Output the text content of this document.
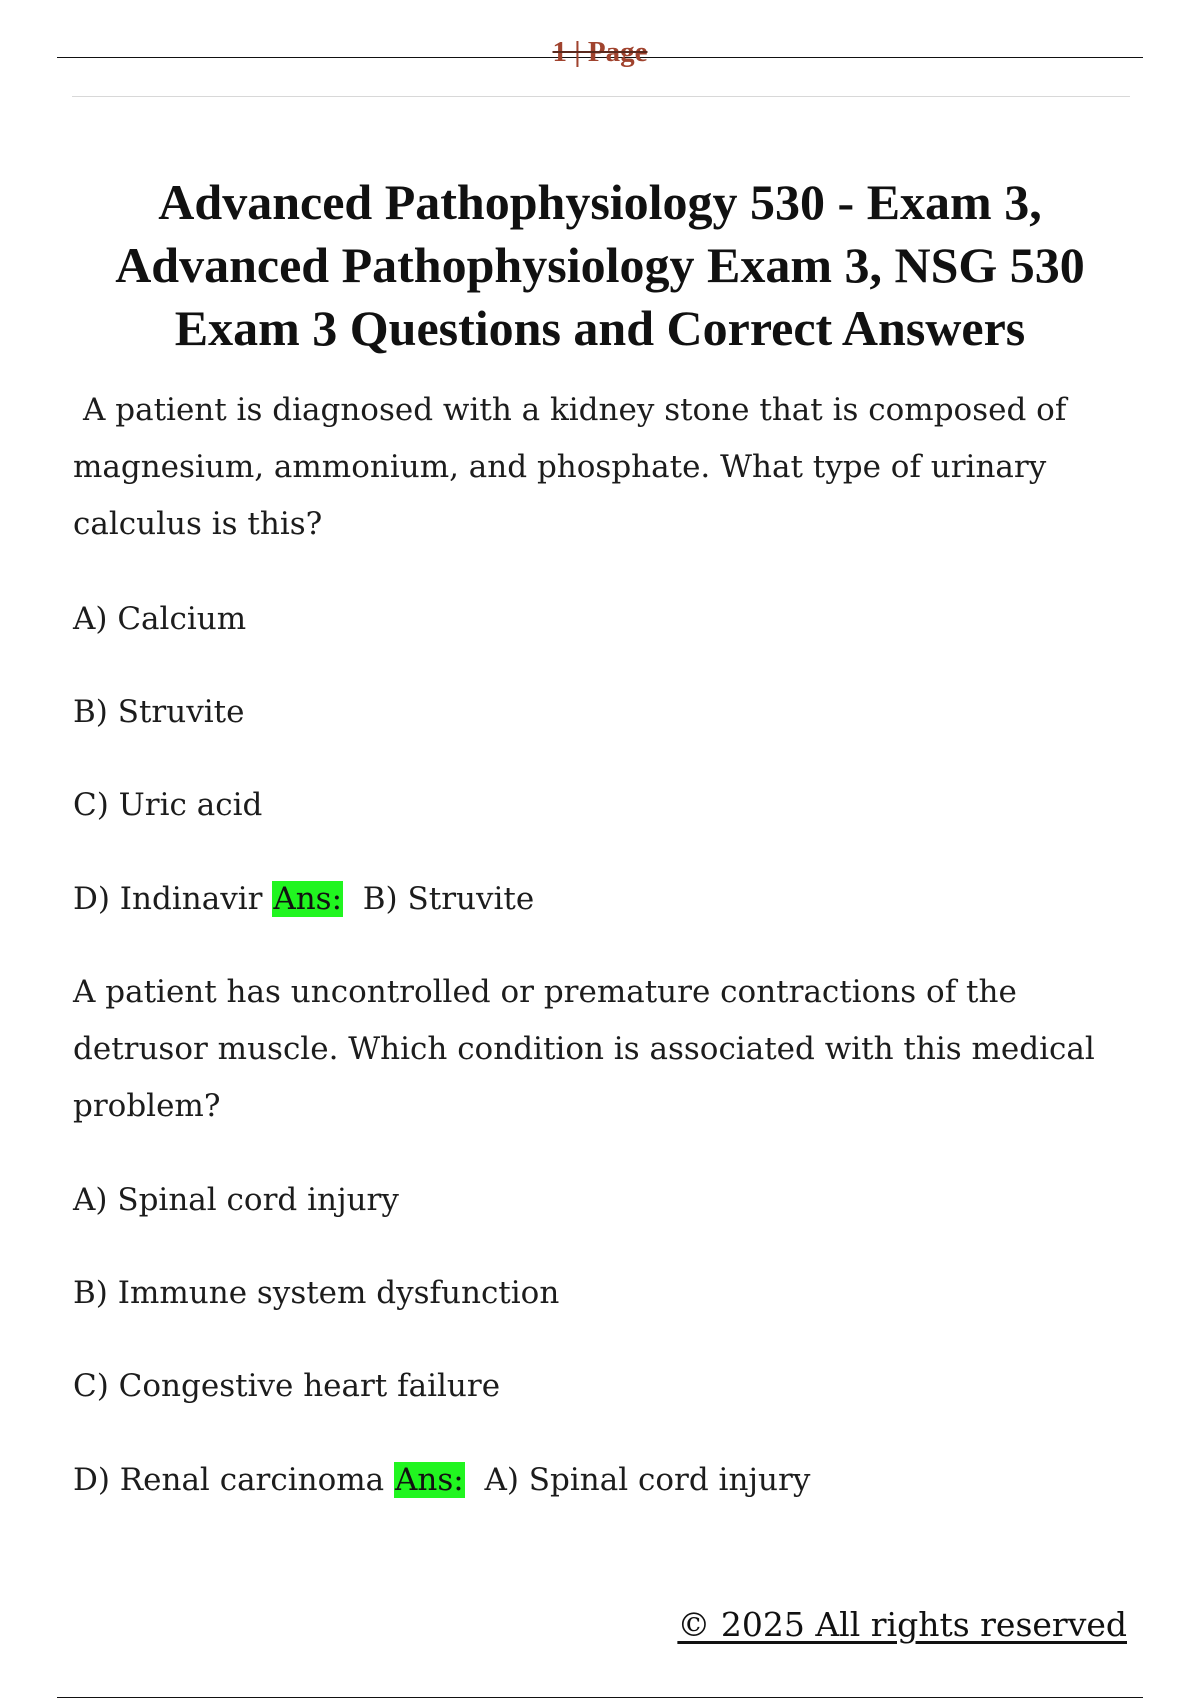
1 | Page

Advanced Pathophysiology 530 - Exam 3, Advanced Pathophysiology Exam 3, NSG 530 Exam 3 Questions and Correct Answers

A patient is diagnosed with a kidney stone that is composed of magnesium, ammonium, and phosphate. What type of urinary calculus is this?

A) Calcium

B) Struvite

C) Uric acid

D) Indinavir Ans: B) Struvite

A patient has uncontrolled or premature contractions of the detrusor muscle. Which condition is associated with this medical problem?

A) Spinal cord injury

B) Immune system dysfunction

C) Congestive heart failure

D) Renal carcinoma Ans: A) Spinal cord injury

© 2025 All rights reserved
